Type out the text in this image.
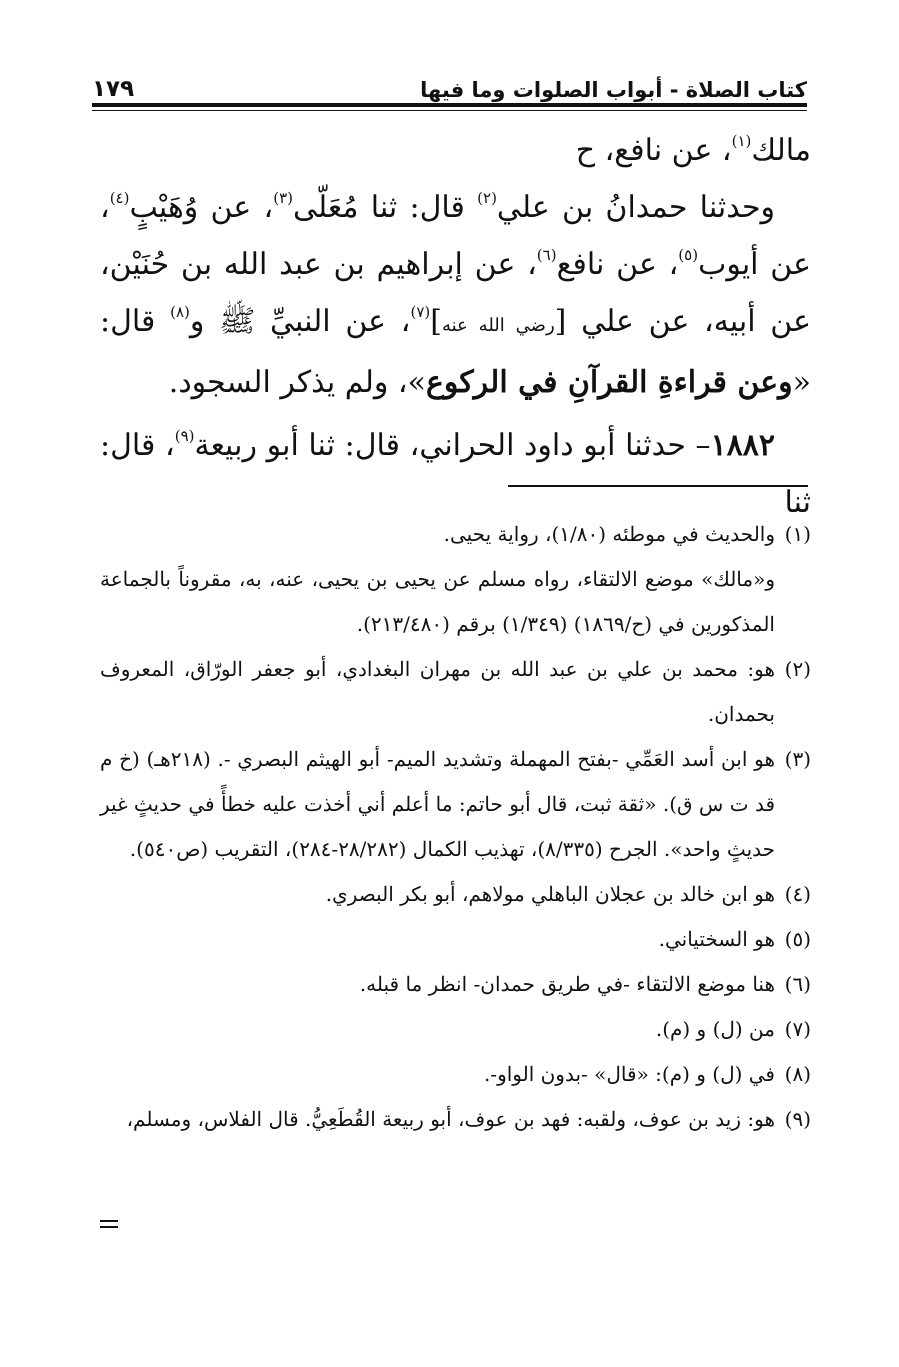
كتاب الصلاة - أبواب الصلوات وما فيها
١٧٩

مالك$^{(١)}$، عن نافع، ح

وحدثنا حمدانُ بن علي$^{(٢)}$ قال: ثنا مُعَلّى$^{(٣)}$، عن وُهَيْبٍ$^{(٤)}$، عن أيوب$^{(٥)}$، عن نافع$^{(٦)}$، عن إبراهيم بن عبد الله بن حُنَيْن، عن أبيه، عن علي [رضي الله عنه]$^{(٧)}$، عن النبيِّ ﷺ و$^{(٨)}$ قال: «وعن قراءةِ القرآنِ في الركوع»، ولم يذكر السجود.

١٨٨٢– حدثنا أبو داود الحراني، قال: ثنا أبو ربيعة$^{(٩)}$، قال: ثنا

(١)والحديث في موطئه (١/٨٠)، رواية يحيى.
و«مالك» موضع الالتقاء، رواه مسلم عن يحيى بن يحيى، عنه، به، مقروناً بالجماعة المذكورين في (ح/١٨٦٩) (١/٣٤٩) برقم (٢١٣/٤٨٠).
(٢)هو: محمد بن علي بن عبد الله بن مهران البغدادي، أبو جعفر الورّاق، المعروف بحمدان.
(٣)هو ابن أسد العَمِّي -بفتح المهملة وتشديد الميم- أبو الهيثم البصري -. (٢١٨هـ) (خ م قد ت س ق). «ثقة ثبت، قال أبو حاتم: ما أعلم أني أخذت عليه خطأً في حديثٍ غير حديثٍ واحد». الجرح (٨/٣٣٥)، تهذيب الكمال (٢٨/٢٨٢-٢٨٤)، التقريب (ص٥٤٠).
(٤)هو ابن خالد بن عجلان الباهلي مولاهم، أبو بكر البصري.
(٥)هو السختياني.
(٦)هنا موضع الالتقاء -في طريق حمدان- انظر ما قبله.
(٧)من (ل) و (م).
(٨)في (ل) و (م): «قال» -بدون الواو-.
(٩)هو: زيد بن عوف، ولقبه: فهد بن عوف، أبو ربيعة القُطَعِيُّ. قال الفلاس، ومسلم،
